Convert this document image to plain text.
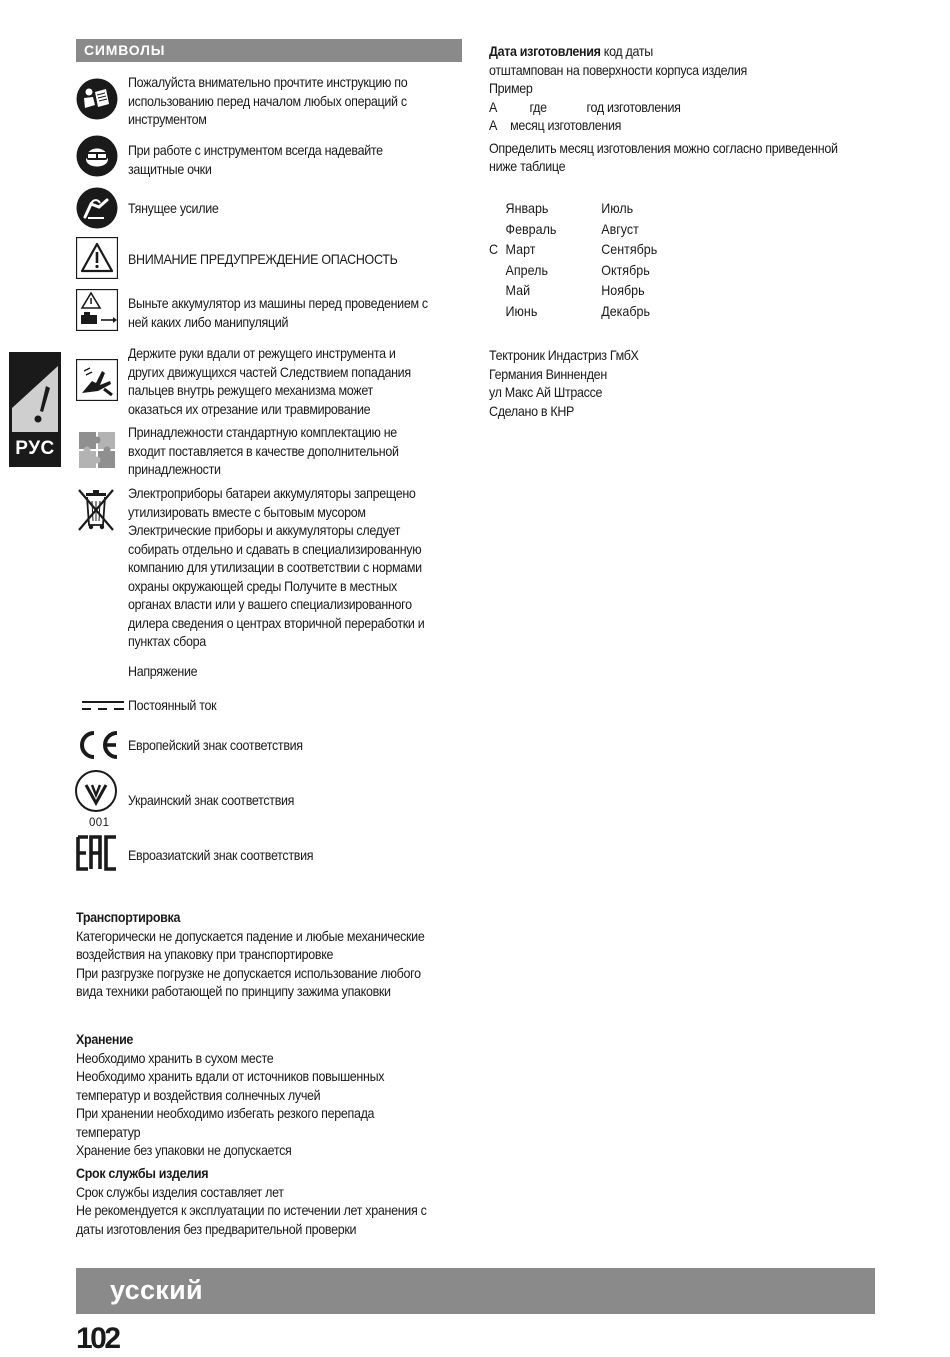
СИМВОЛЫ
РУС
001
Пожалуйста внимательно прочтите инструкцию по
использованию перед началом любых операций с
инструментом
При работе с инструментом всегда надевайте
защитные очки
Тянущее усилие
ВНИМАНИЕ ПРЕДУПРЕЖДЕНИЕ ОПАСНОСТЬ
Выньте аккумулятор из машины перед проведением с
ней каких либо манипуляций
Держите руки вдали от режущего инструмента и
других движущихся частей Следствием попадания
пальцев внутрь режущего механизма может
оказаться их отрезание или травмирование
Принадлежности стандартную комплектацию не
входит поставляется в качестве дополнительной
принадлежности
Электроприборы батареи аккумуляторы запрещено
утилизировать вместе с бытовым мусором
Электрические приборы и аккумуляторы следует
собирать отдельно и сдавать в специализированную
компанию для утилизации в соответствии с нормами
охраны окружающей среды Получите в местных
органах власти или у вашего специализированного
дилера сведения о центрах вторичной переработки и
пунктах сбора
Напряжение
Постоянный ток
Европейский знак соответствия
Украинский знак соответствия
Евроазиатский знак соответствия
Транспортировка
Категорически не допускается падение и любые механические
воздействия на упаковку при транспортировке
При разгрузке погрузке не допускается использование любого
вида техники работающей по принципу зажима упаковки
Хранение
Необходимо хранить в сухом месте
Необходимо хранить вдали от источников повышенных
температур и воздействия солнечных лучей
При хранении необходимо избегать резкого перепада
температур
Хранение без упаковки не допускается
Срок службы изделия
Срок службы изделия составляет лет
Не рекомендуется к эксплуатации по истечении лет хранения с
даты изготовления без предварительной проверки
Дата изготовления код даты
отштампован на поверхности корпуса изделия
Пример
А где	год изготовления
А месяц изготовления
Определить месяц изготовления можно согласно приведенной
ниже таблице
Январь	Июль
Февраль	Август
С Март	Сентябрь
Апрель	Октябрь
Май	Ноябрь
Июнь	Декабрь
Тектроник Индастриз ГмбХ
Германия Винненден
ул Макс Ай Штрассе
Сделано в КНР
усский
102
